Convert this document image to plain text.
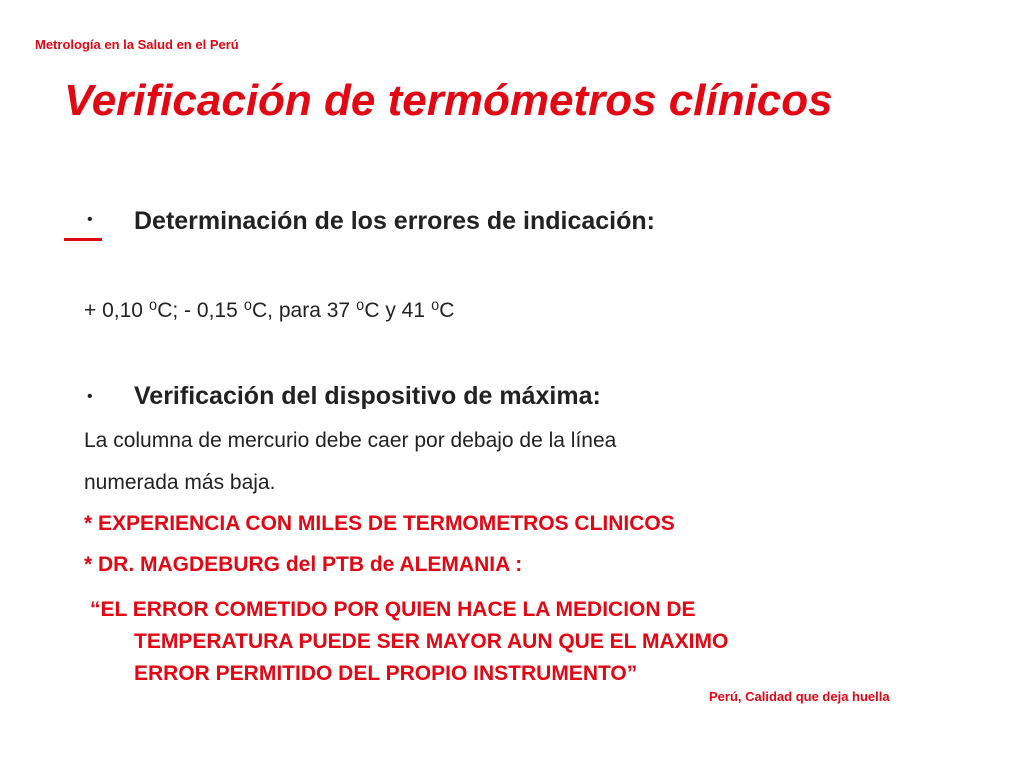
Metrología en la Salud en el Perú
Verificación de termómetros clínicos
• Determinación de los errores de indicación:
+ 0,10 ⁰C; - 0,15 ⁰C, para 37 ⁰C y 41 ⁰C
• Verificación del dispositivo de máxima:
La columna de mercurio debe caer por debajo de la línea
numerada más baja.
* EXPERIENCIA CON MILES DE TERMOMETROS CLINICOS
* DR. MAGDEBURG del PTB de ALEMANIA :
“EL ERROR COMETIDO POR QUIEN HACE LA MEDICION DE
TEMPERATURA PUEDE SER MAYOR AUN QUE EL MAXIMO
ERROR PERMITIDO DEL PROPIO INSTRUMENTO”
Perú, Calidad que deja huella
